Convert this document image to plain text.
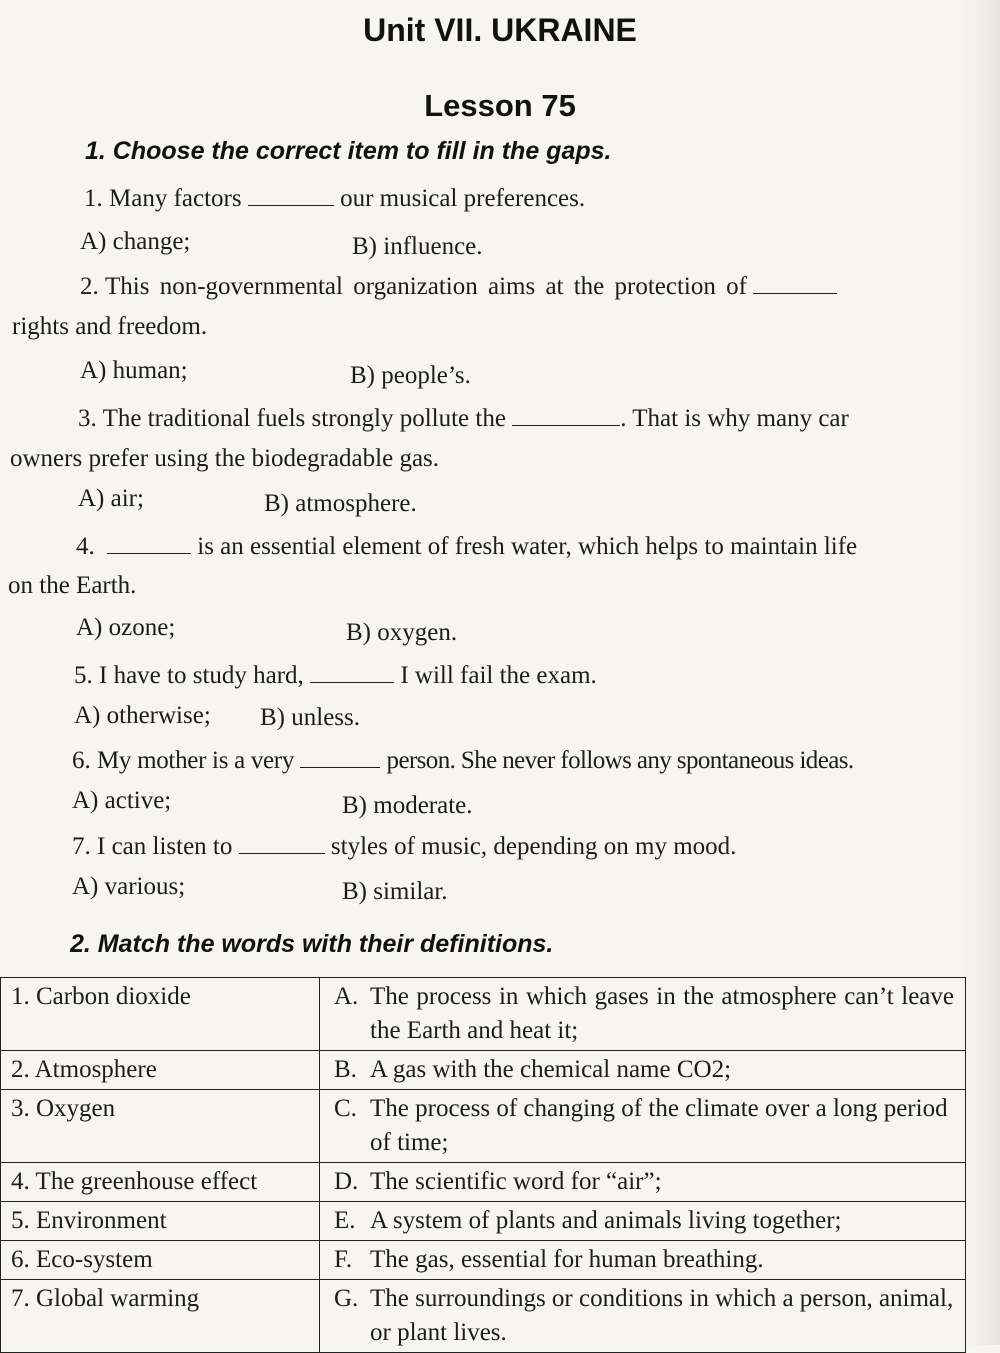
Unit VII. UKRAINE
Lesson 75
1. Choose the correct item to fill in the gaps.
1. Many factors	our musical preferences.
A) change;	B) influence.
2. This non-governmental organization aims at the protection of
rights and freedom.
A) human;	B) people’s.
3. The traditional fuels strongly pollute the	. That is why many car
owners prefer using the biodegradable gas.
A) air;	B) atmosphere.
4.	is an essential element of fresh water, which helps to maintain life
on the Earth.
A) ozone;	B) oxygen.
5. I have to study hard,	I will fail the exam.
A) otherwise; B) unless.
6. My mother is a very	person. She never follows any spontaneous ideas.
A) active;	B) moderate.
7. I can listen to	styles of music, depending on my mood.
A) various;	B) similar.
2. Match the words with their definitions.
1. Carbon dioxide	A. The process in which gases in the atmosphere can’t leave the Earth and heat it;
2. Atmosphere	B. A gas with the chemical name CO2;
3. Oxygen	C. The process of changing of the climate over a long period of time;
4. The greenhouse effect	D. The scientific word for “air”;
5. Environment	E. A system of plants and animals living together;
6. Eco-system	F. The gas, essential for human breathing.
7. Global warming	G. The surroundings or conditions in which a person, animal, or plant lives.
